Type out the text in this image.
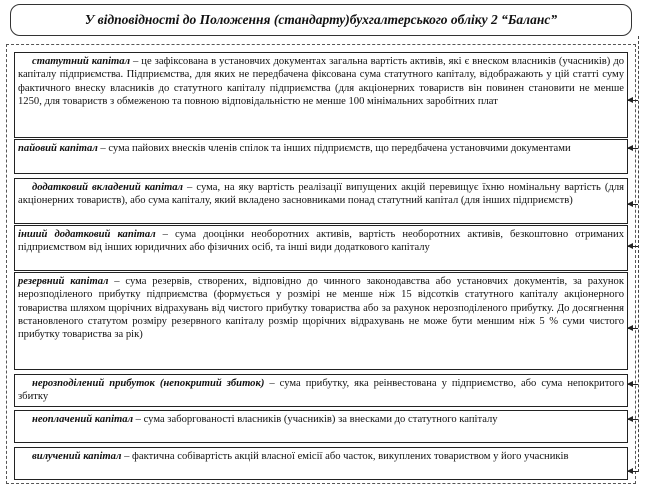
У відповідності до Положення (стандарту)бухгалтерського обліку 2 “Баланс”
статутний капітал – це зафіксована в установчих документах загальна вартість активів, які є внеском власників (учасників) до капіталу підприємства. Підприємства, для яких не передбачена фіксована сума статутного капіталу, відображають у цій статті суму фактичного внеску власників до статутного капіталу підприємства (для акціонерних товариств він повинен становити не менше 1250, для товариств з обмеженою та повною відповідальністю не менше 100 мінімальних заробітних плат
пайовий капітал – сума пайових внесків членів спілок та інших підприємств, що передбачена установчими документами
додатковий вкладений капітал – сума, на яку вартість реалізації випущених акцій перевищує їхню номінальну вартість (для акціонерних товариств), або сума капіталу, який вкладено засновниками понад статутний капітал (для інших підприємств)
інший додатковий капітал – сума дооцінки необоротних активів, вартість необоротних активів, безкоштовно отриманих підприємством від інших юридичних або фізичних осіб, та інші види додаткового капіталу
резервний капітал – сума резервів, створених, відповідно до чинного законодавства або установчих документів, за рахунок нерозподіленого прибутку підприємства (формується у розмірі не менше ніж 15 відсотків статутного капіталу акціонерного товариства шляхом щорічних відрахувань від чистого прибутку товариства або за рахунок нерозподіленого прибутку. До досягнення встановленого статутом розміру резервного капіталу розмір щорічних відрахувань не може бути меншим ніж 5 % суми чистого прибутку товариства за рік)
нерозподілений прибуток (непокритий збиток) – сума прибутку, яка реінвестована у підприємство, або сума непокритого збитку
неоплачений капітал – сума заборгованості власників (учасників) за внесками до статутного капіталу
вилучений капітал – фактична собівартість акцій власної емісії або часток, викуплених товариством у його учасників
